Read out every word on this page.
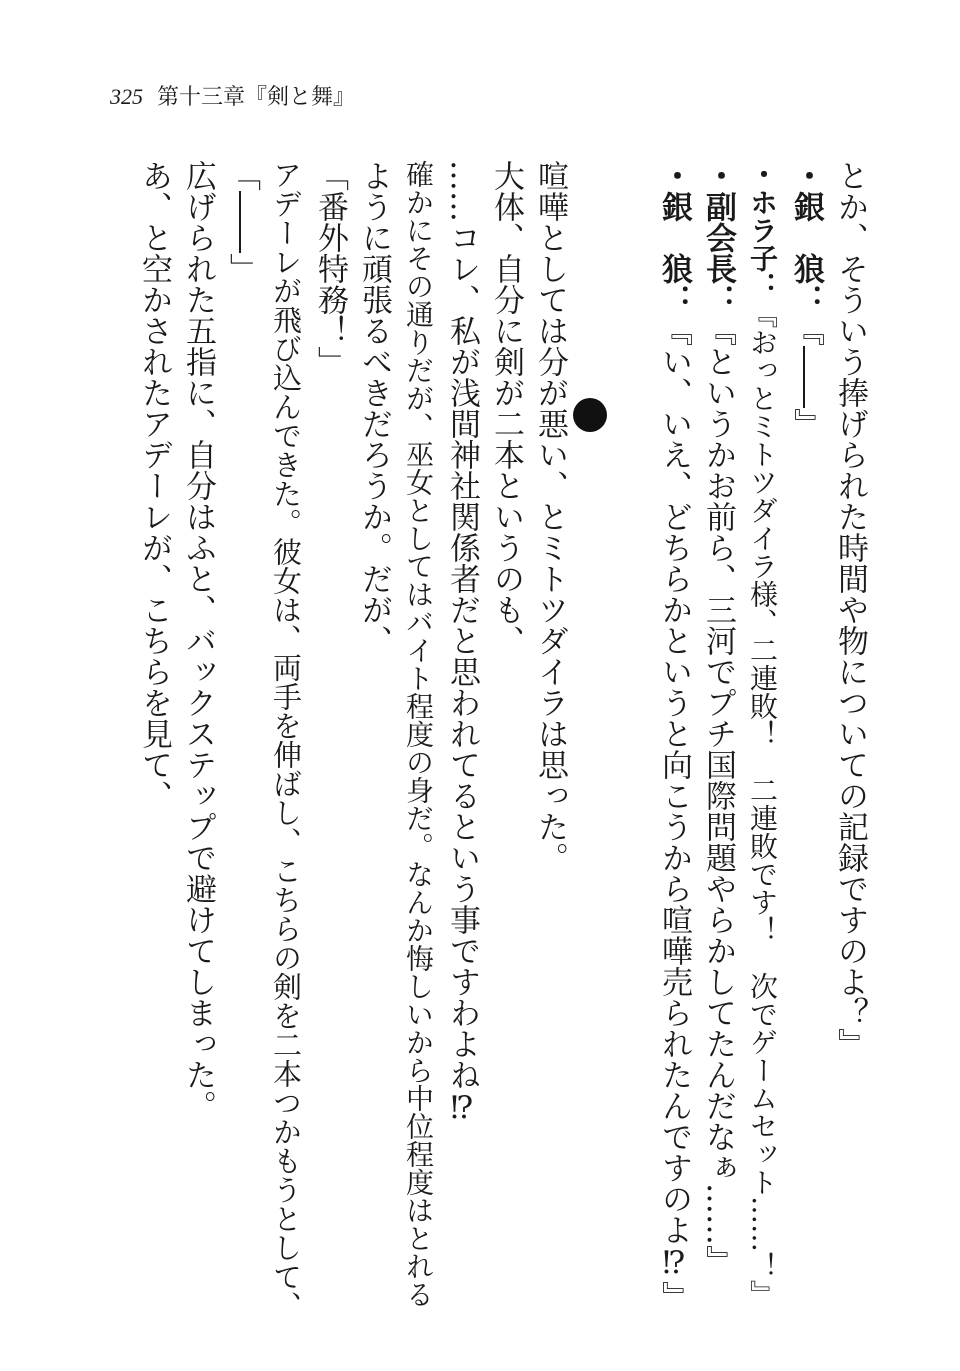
325 第十三章『剣と舞』
とか、そういう捧げられた時間や物についての記録ですのよ？』
・銀　狼：『――』
・ホラ子：『おっとミトツダイラ様、二連敗！　二連敗です！　次でゲームセット……！』
・副会長：『というかお前ら、三河でプチ国際問題やらかしてたんだなぁ……』
・銀　狼：『い、いえ、どちらかというと向こうから喧嘩売られたんですのよ⁉』
喧嘩としては分が悪い、とミトツダイラは思った。
大体、自分に剣が二本というのも、
……コレ、私が浅間神社関係者だと思われてるという事ですわよね⁉
確かにその通りだが、巫女としてはバイト程度の身だ。なんか悔しいから中位程度はとれる
ように頑張るべきだろうか。だが、
「番外特務！」
アデーレが飛び込んできた。彼女は、両手を伸ばし、こちらの剣を二本つかもうとして、
「――」
広げられた五指に、自分はふと、バックステップで避けてしまった。
あ、と空かされたアデーレが、こちらを見て、
